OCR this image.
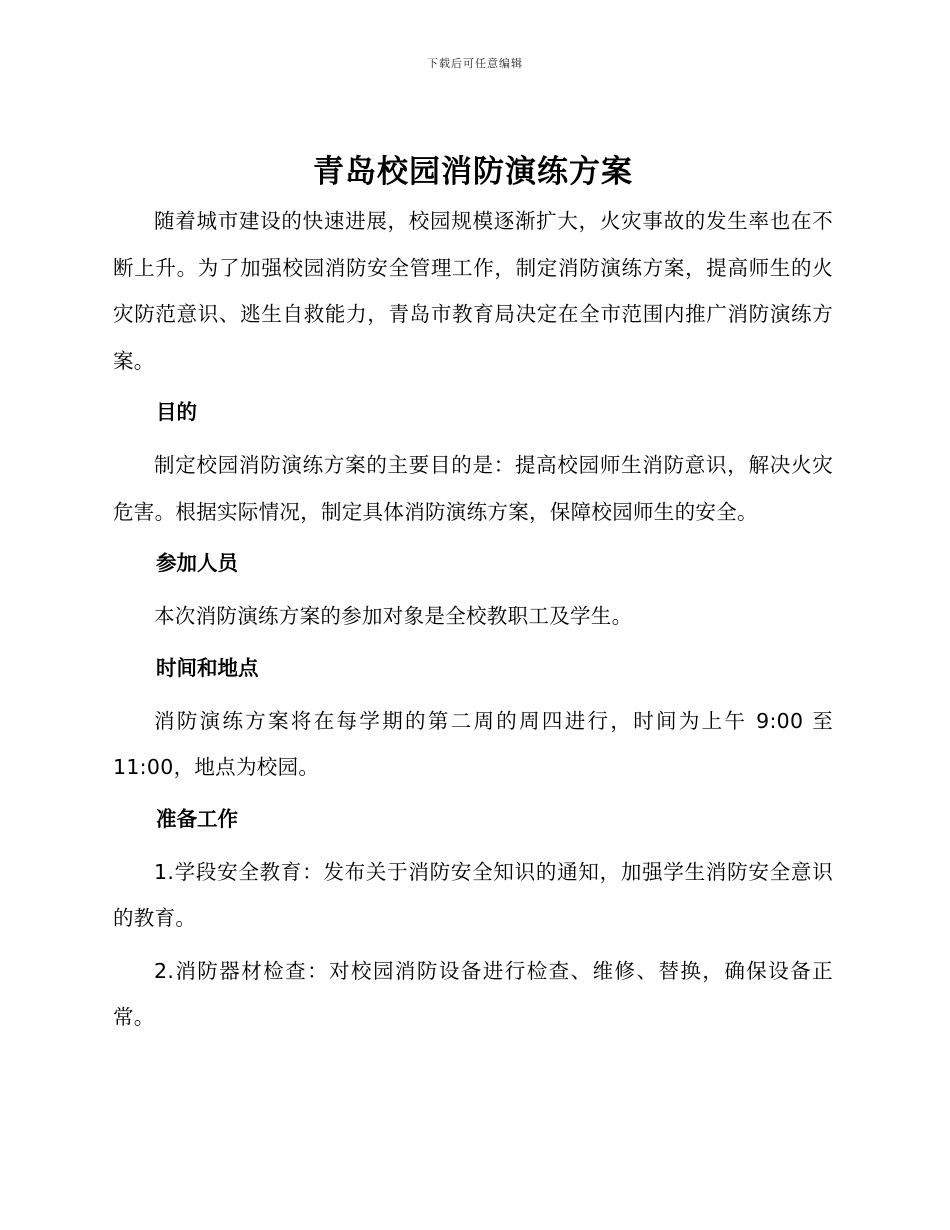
下载后可任意编辑
青岛校园消防演练方案

随着城市建设的快速进展，校园规模逐渐扩大，火灾事故的发生率也在不断上升。为了加强校园消防安全管理工作，制定消防演练方案，提高师生的火灾防范意识、逃生自救能力，青岛市教育局决定在全市范围内推广消防演练方案。

目的

制定校园消防演练方案的主要目的是：提高校园师生消防意识，解决火灾危害。根据实际情况，制定具体消防演练方案，保障校园师生的安全。

参加人员

本次消防演练方案的参加对象是全校教职工及学生。

时间和地点

消防演练方案将在每学期的第二周的周四进行，时间为上午 9:00 至 11:00，地点为校园。

准备工作

1.学段安全教育：发布关于消防安全知识的通知，加强学生消防安全意识的教育。

2.消防器材检查：对校园消防设备进行检查、维修、替换，确保设备正常。
